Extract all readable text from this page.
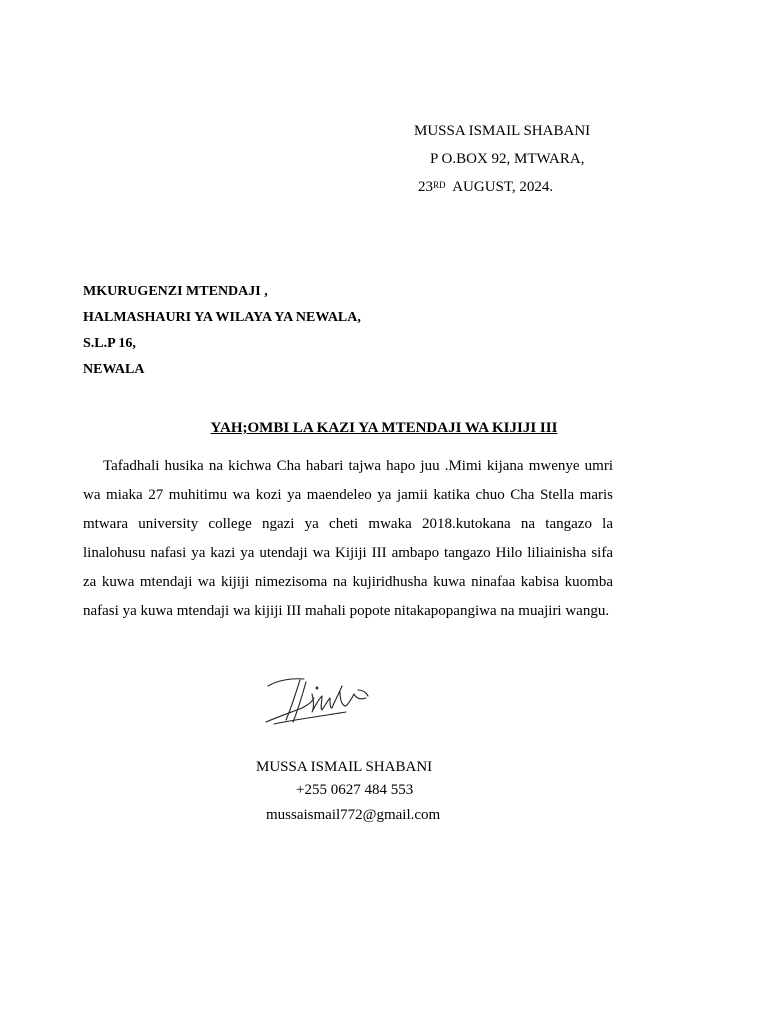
MUSSA ISMAIL SHABANI
P O.BOX 92, MTWARA,
23RD AUGUST, 2024.
MKURUGENZI MTENDAJI ,
HALMASHAURI YA WILAYA YA NEWALA,
S.L.P 16,
NEWALA
YAH;OMBI LA KAZI YA MTENDAJI WA KIJIJI III

Tafadhali husika na kichwa Cha habari tajwa hapo juu .Mimi kijana mwenye umri wa miaka 27 muhitimu wa kozi ya maendeleo ya jamii katika chuo Cha Stella maris mtwara university college ngazi ya cheti mwaka 2018.kutokana na tangazo la linalohusu nafasi ya kazi ya utendaji wa Kijiji III ambapo tangazo Hilo liliainisha sifa za kuwa mtendaji wa kijiji nimezisoma na kujiridhusha kuwa ninafaa kabisa kuomba nafasi ya kuwa mtendaji wa kijiji III mahali popote nitakapopangiwa na muajiri wangu.

MUSSA ISMAIL SHABANI
+255 0627 484 553
mussaismail772@gmail.com
